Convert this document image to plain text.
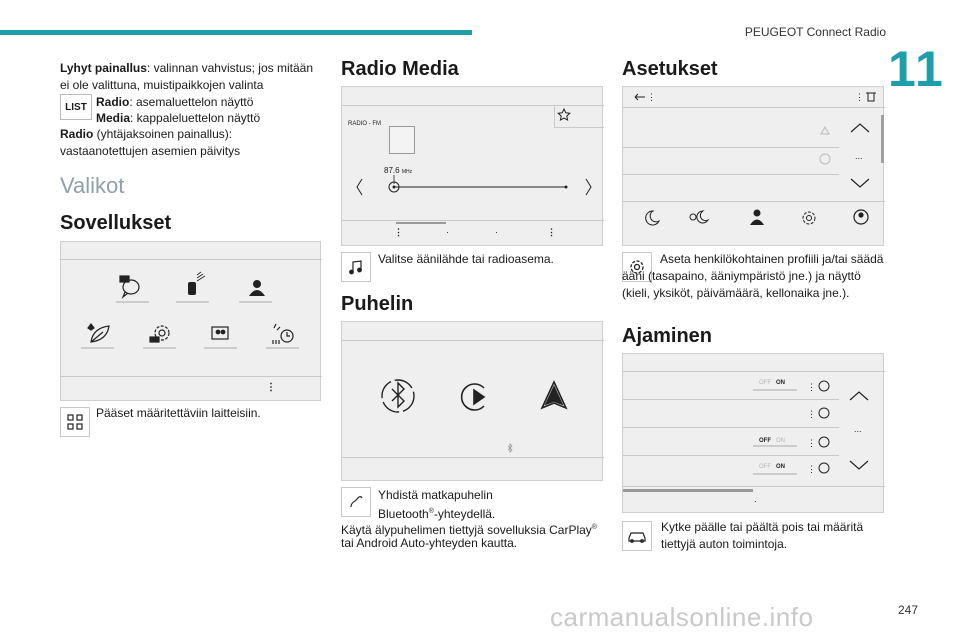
PEUGEOT Connect Radio
11
Lyhyt painallus: valinnan vahvistus; jos mitään ei ole valittuna, muistipaikkojen valinta
LIST Radio: asemaluettelon näyttö
Media: kappaleluettelon näyttö
Radio (yhtäjaksoinen painallus): vastaanotettujen asemien päivitys
Valikot
Sovellukset
⋮
Pääset määritettäviin laitteisiin.
Radio Media
RADIO - FM
87.6 MHz
⋮	·	·	⋮
Valitse äänilähde tai radioasema.
Puhelin
Yhdistä matkapuhelin
Bluetooth®-yhteydellä.
Käytä älypuhelimen tiettyjä sovelluksia CarPlay®
tai Android Auto-yhteyden kautta.
Asetukset
⋮	⋮
...
Aseta henkilökohtainen profiili ja/tai säädä ääni (tasapaino, ääniympäristö jne.) ja näyttö (kieli, yksiköt, päivämäärä, kellonaika jne.).
Ajaminen
OFF ON
OFF ON
OFF ON
⋮
⋮
⋮
⋮
...
·
Kytke päälle tai päältä pois tai määritä tiettyjä auton toimintoja.
carmanualsonline.info	247
